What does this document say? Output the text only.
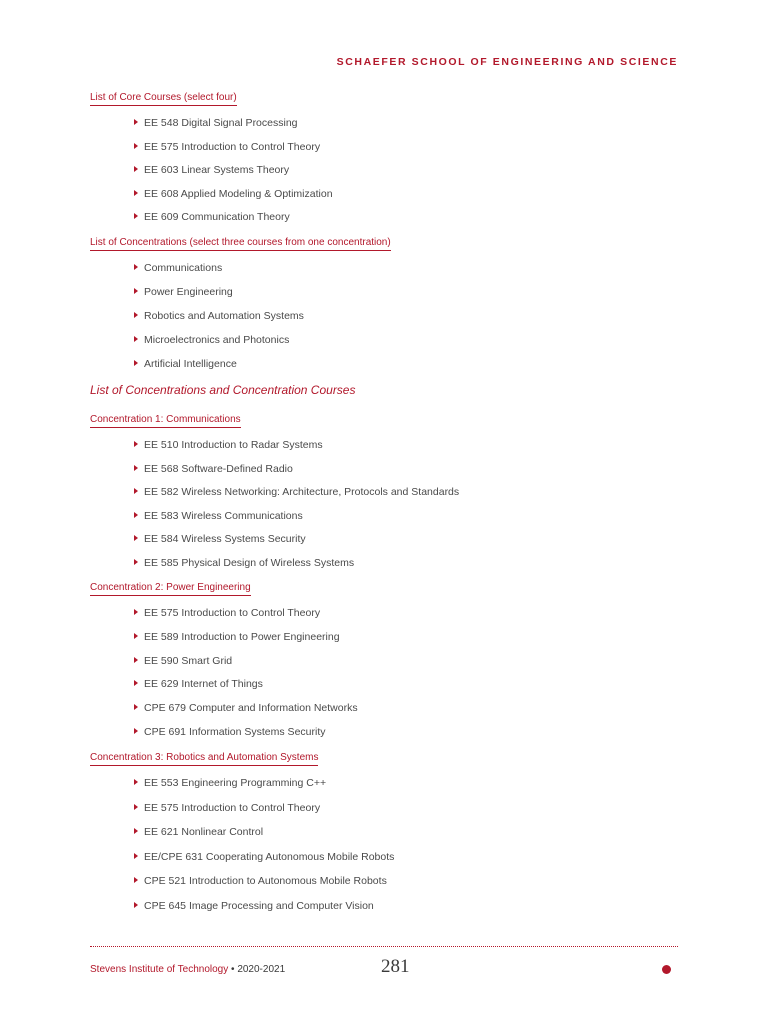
SCHAEFER SCHOOL OF ENGINEERING AND SCIENCE
List of Core Courses (select four)
EE 548 Digital Signal Processing
EE 575 Introduction to Control Theory
EE 603 Linear Systems Theory
EE 608 Applied Modeling & Optimization
EE 609 Communication Theory
List of Concentrations (select three courses from one concentration)
Communications
Power Engineering
Robotics and Automation Systems
Microelectronics and Photonics
Artificial Intelligence
List of Concentrations and Concentration Courses
Concentration 1: Communications
EE 510 Introduction to Radar Systems
EE 568 Software-Defined Radio
EE 582 Wireless Networking: Architecture, Protocols and Standards
EE 583 Wireless Communications
EE 584 Wireless Systems Security
EE 585 Physical Design of Wireless Systems
Concentration 2: Power Engineering
EE 575 Introduction to Control Theory
EE 589 Introduction to Power Engineering
EE 590 Smart Grid
EE 629 Internet of Things
CPE 679 Computer and Information Networks
CPE 691 Information Systems Security
Concentration 3: Robotics and Automation Systems
EE 553 Engineering Programming C++
EE 575 Introduction to Control Theory
EE 621 Nonlinear Control
EE/CPE 631 Cooperating Autonomous Mobile Robots
CPE 521 Introduction to Autonomous Mobile Robots
CPE 645 Image Processing and Computer Vision
Stevens Institute of Technology • 2020-2021	281
